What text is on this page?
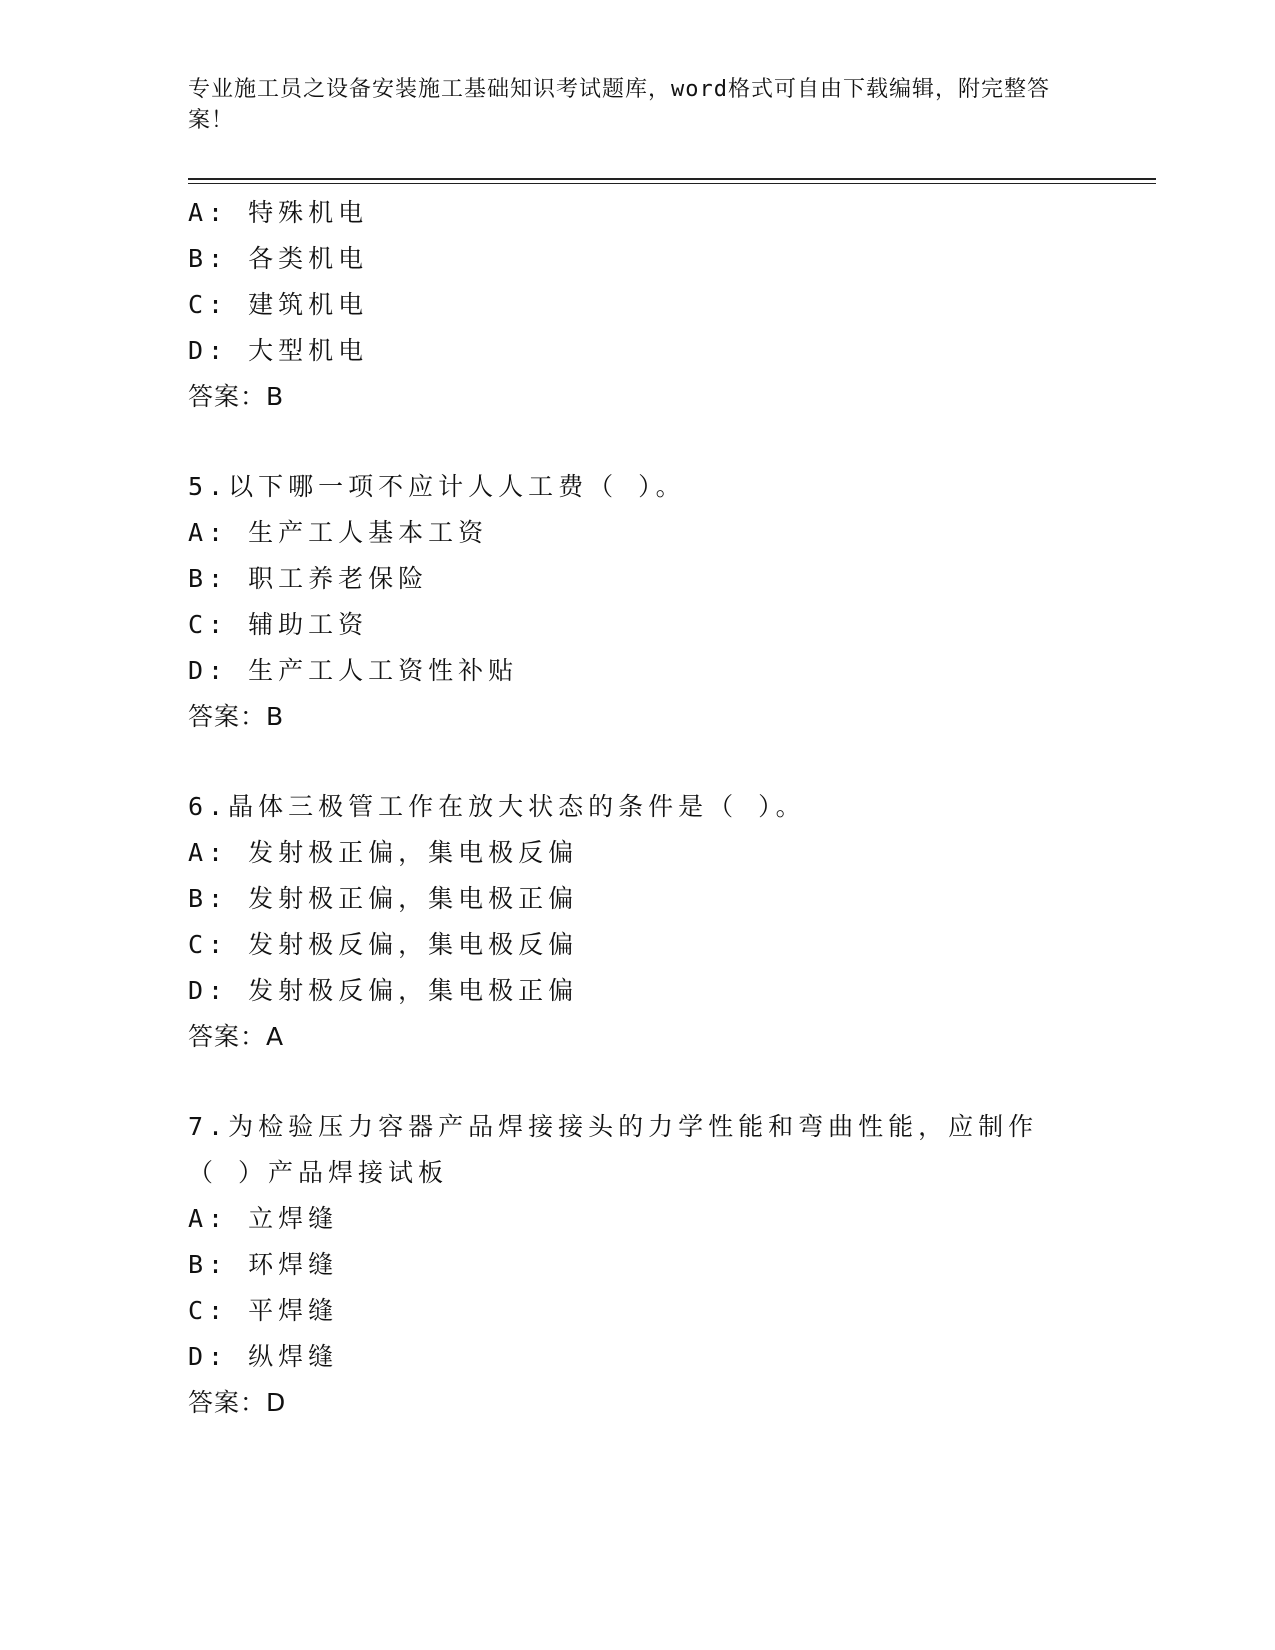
专业施工员之设备安装施工基础知识考试题库，word格式可自由下载编辑，附完整答案！
A: 特殊机电
B: 各类机电
C: 建筑机电
D: 大型机电
答案：B
5.以下哪一项不应计人人工费（ ）。
A: 生产工人基本工资
B: 职工养老保险
C: 辅助工资
D: 生产工人工资性补贴
答案：B
6.晶体三极管工作在放大状态的条件是（ ）。
A: 发射极正偏，集电极反偏
B: 发射极正偏，集电极正偏
C: 发射极反偏，集电极反偏
D: 发射极反偏，集电极正偏
答案：A
7.为检验压力容器产品焊接接头的力学性能和弯曲性能，应制作（ ）产品焊接试板
A: 立焊缝
B: 环焊缝
C: 平焊缝
D: 纵焊缝
答案：D
